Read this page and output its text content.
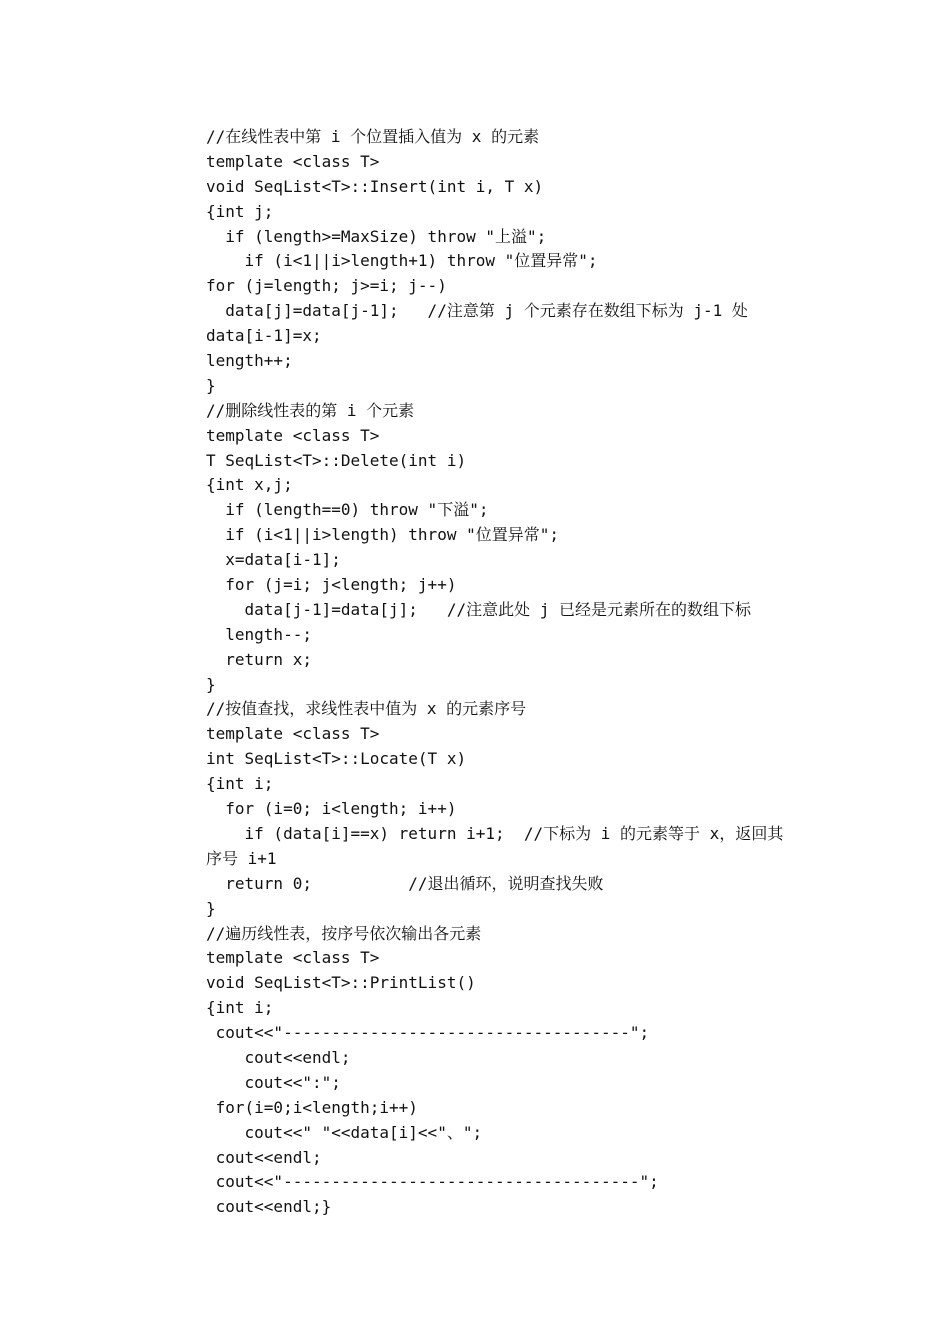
//在线性表中第 i 个位置插入值为 x 的元素
template <class T>
void SeqList<T>::Insert(int i, T x)
{int j;
if (length>=MaxSize) throw "上溢";
if (i<1||i>length+1) throw "位置异常";
for (j=length; j>=i; j--)
data[j]=data[j-1];   //注意第 j 个元素存在数组下标为 j-1 处
data[i-1]=x;
length++;
}
//删除线性表的第 i 个元素
template <class T>
T SeqList<T>::Delete(int i)
{int x,j;
if (length==0) throw "下溢";
if (i<1||i>length) throw "位置异常";
x=data[i-1];
for (j=i; j<length; j++)
data[j-1]=data[j];   //注意此处 j 已经是元素所在的数组下标
length--;
return x;
}
//按值查找，求线性表中值为 x 的元素序号
template <class T>
int SeqList<T>::Locate(T x)
{int i;
for (i=0; i<length; i++)
if (data[i]==x) return i+1;  //下标为 i 的元素等于 x，返回其
序号 i+1
return 0;          //退出循环，说明查找失败
}
//遍历线性表，按序号依次输出各元素
template <class T>
void SeqList<T>::PrintList()
{int i;
cout<<"------------------------------------";
cout<<endl;
cout<<":";
for(i=0;i<length;i++)
cout<<" "<<data[i]<<"、";
cout<<endl;
cout<<"-------------------------------------";
cout<<endl;}
